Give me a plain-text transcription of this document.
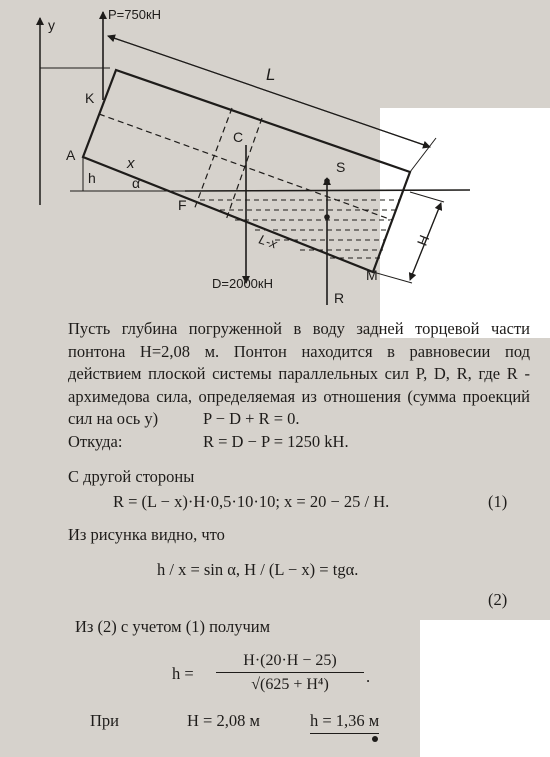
y
P=750кН
L
K
C
A
h
x
α
S
F
L-x	H
D=2000кН
M
R

Пусть глубина погруженной в воду задней торцевой части понтона H=2,08 м. Понтон находится в равновесии под действием плоской системы параллельных сил P, D, R, где R - архимедова сила, определяемая из отношения (сумма проекций сил на ось y)	P − D + R = 0.
Откуда:	R = D − P = 1250 kH.
С другой стороны
R = (L − x)·H·0,5·10·10; x = 20 − 25 / H.	(1)
Из рисунка видно, что
h / x = sin α, H / (L − x) = tgα.
(2)
Из (2) с учетом (1) получим
h =
H·(20·H − 25)
√(625 + H⁴)	.
При	H = 2,08 м	h = 1,36 м
